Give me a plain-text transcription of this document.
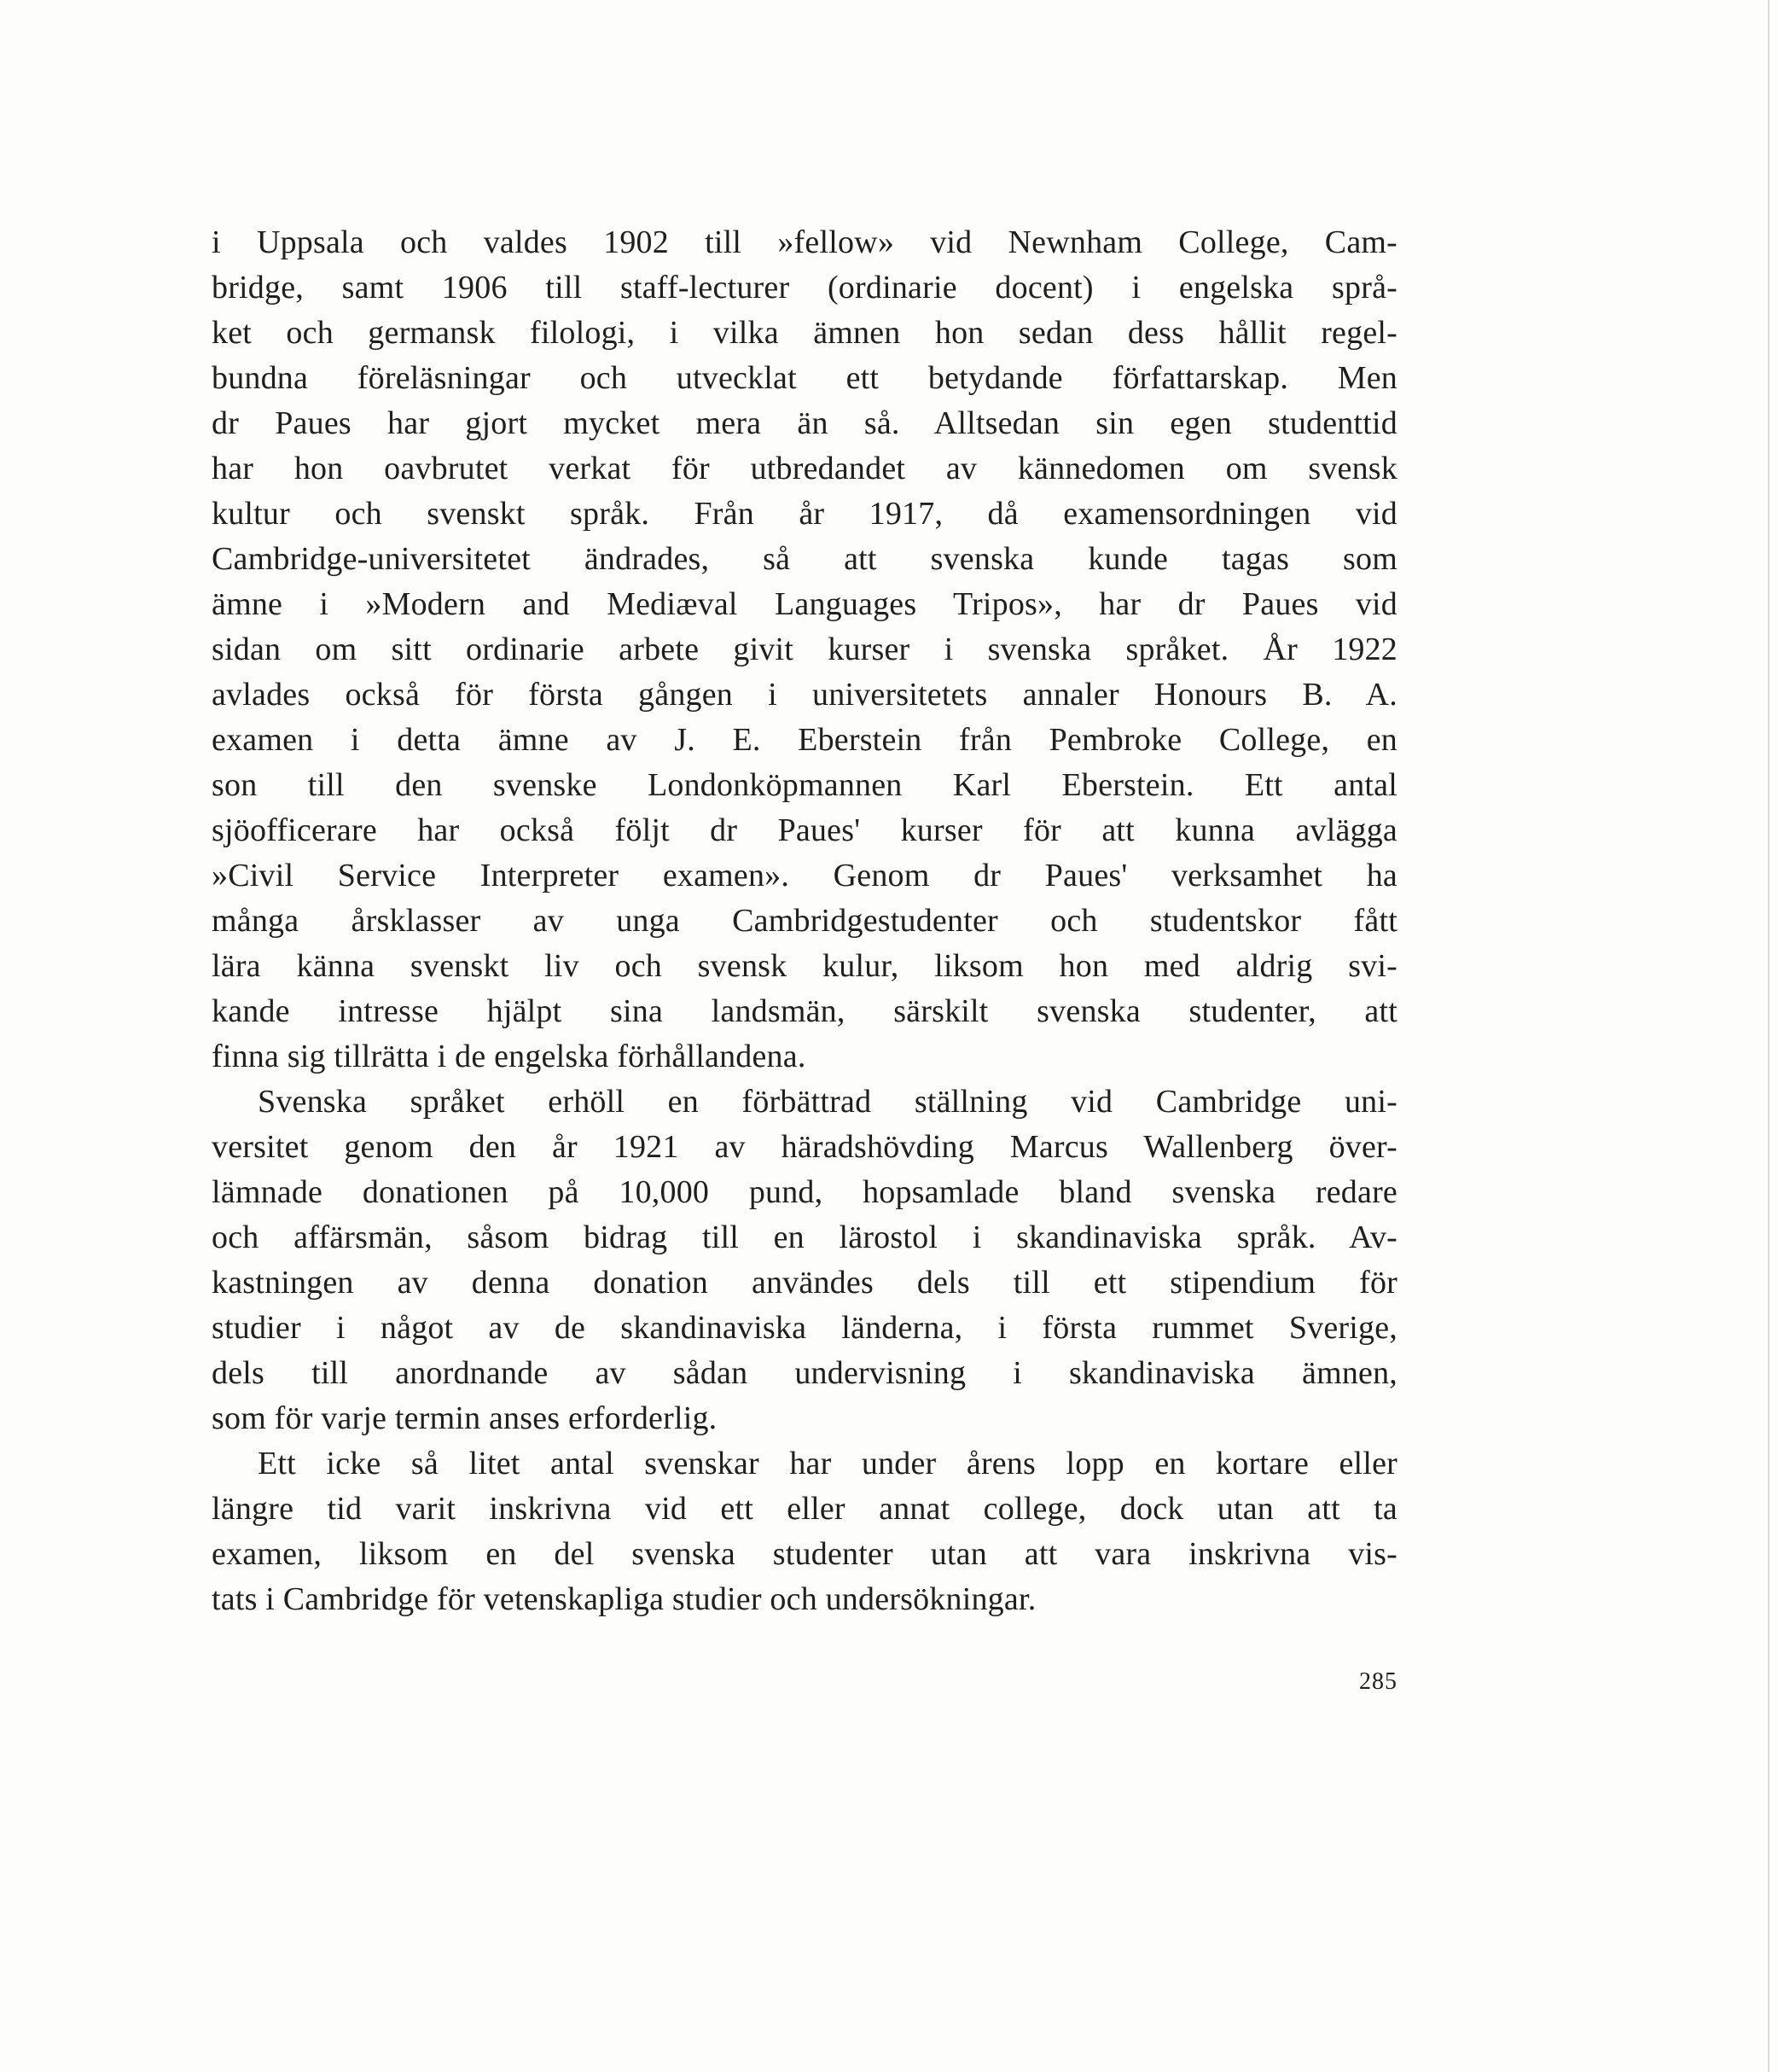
i Uppsala och valdes 1902 till »fellow» vid Newnham College, Cam-
bridge, samt 1906 till staff-lecturer (ordinarie docent) i engelska språ-
ket och germansk filologi, i vilka ämnen hon sedan dess hållit regel-
bundna föreläsningar och utvecklat ett betydande författarskap. Men
dr Paues har gjort mycket mera än så. Alltsedan sin egen studenttid
har hon oavbrutet verkat för utbredandet av kännedomen om svensk
kultur och svenskt språk. Från år 1917, då examensordningen vid
Cambridge-universitetet ändrades, så att svenska kunde tagas som
ämne i »Modern and Mediæval Languages Tripos», har dr Paues vid
sidan om sitt ordinarie arbete givit kurser i svenska språket. År 1922
avlades också för första gången i universitetets annaler Honours B. A.
examen i detta ämne av J. E. Eberstein från Pembroke College, en
son till den svenske Londonköpmannen Karl Eberstein. Ett antal
sjöofficerare har också följt dr Paues' kurser för att kunna avlägga
»Civil Service Interpreter examen». Genom dr Paues' verksamhet ha
många årsklasser av unga Cambridgestudenter och studentskor fått
lära känna svenskt liv och svensk kulur, liksom hon med aldrig svi-
kande intresse hjälpt sina landsmän, särskilt svenska studenter, att
finna sig tillrätta i de engelska förhållandena.
Svenska språket erhöll en förbättrad ställning vid Cambridge uni-
versitet genom den år 1921 av häradshövding Marcus Wallenberg över-
lämnade donationen på 10,000 pund, hopsamlade bland svenska redare
och affärsmän, såsom bidrag till en lärostol i skandinaviska språk. Av-
kastningen av denna donation användes dels till ett stipendium för
studier i något av de skandinaviska länderna, i första rummet Sverige,
dels till anordnande av sådan undervisning i skandinaviska ämnen,
som för varje termin anses erforderlig.
Ett icke så litet antal svenskar har under årens lopp en kortare eller
längre tid varit inskrivna vid ett eller annat college, dock utan att ta
examen, liksom en del svenska studenter utan att vara inskrivna vis-
tats i Cambridge för vetenskapliga studier och undersökningar.
285
